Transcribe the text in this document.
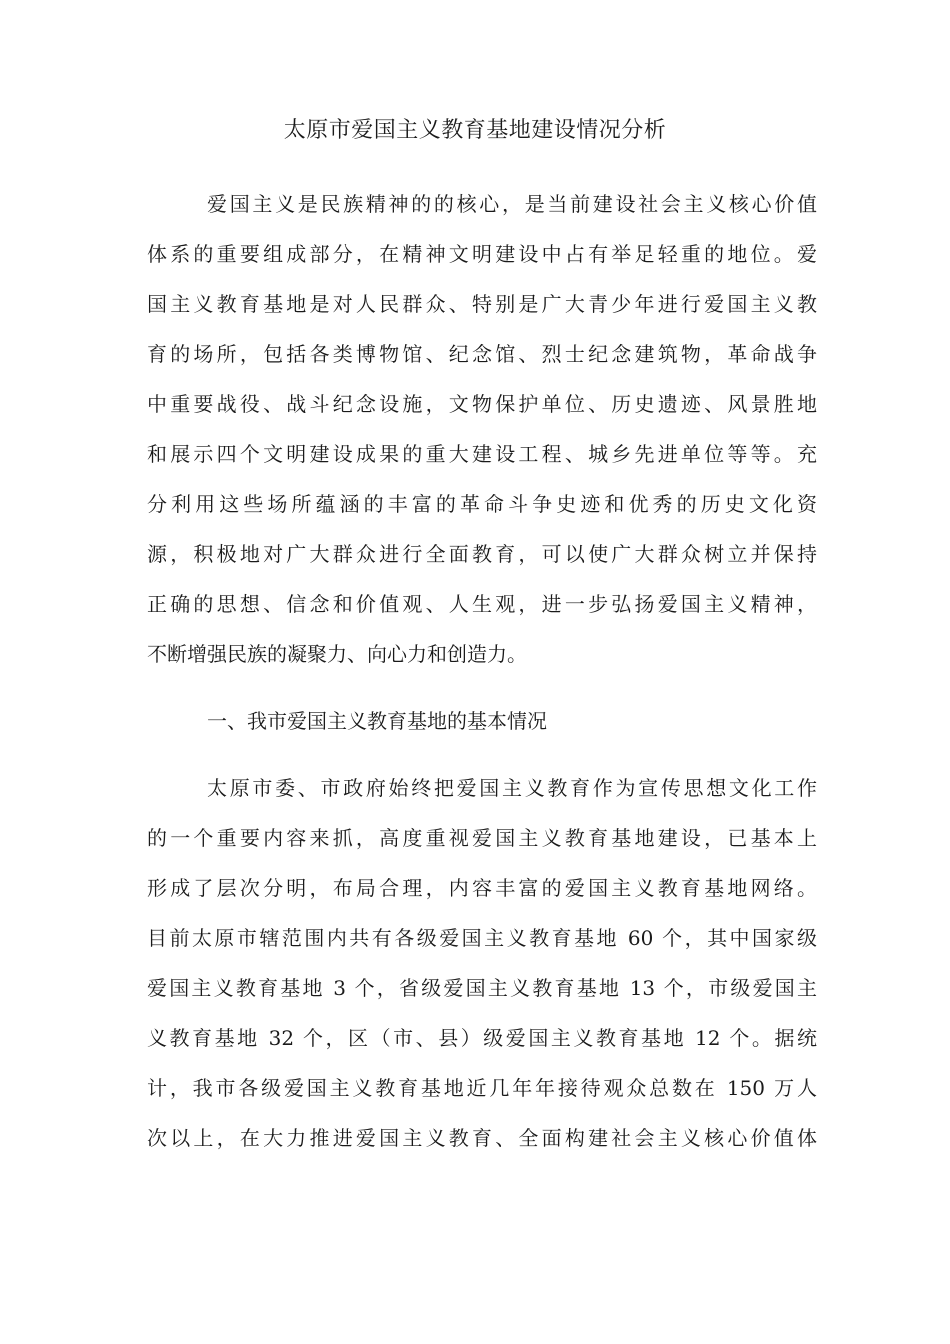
太原市爱国主义教育基地建设情况分析
爱国主义是民族精神的的核心，是当前建设社会主义核心价值
体系的重要组成部分，在精神文明建设中占有举足轻重的地位。爱
国主义教育基地是对人民群众、特别是广大青少年进行爱国主义教
育的场所，包括各类博物馆、纪念馆、烈士纪念建筑物，革命战争
中重要战役、战斗纪念设施，文物保护单位、历史遗迹、风景胜地
和展示四个文明建设成果的重大建设工程、城乡先进单位等等。充
分利用这些场所蕴涵的丰富的革命斗争史迹和优秀的历史文化资
源，积极地对广大群众进行全面教育，可以使广大群众树立并保持
正确的思想、信念和价值观、人生观，进一步弘扬爱国主义精神，
不断增强民族的凝聚力、向心力和创造力。
一、我市爱国主义教育基地的基本情况
太原市委、市政府始终把爱国主义教育作为宣传思想文化工作
的一个重要内容来抓，高度重视爱国主义教育基地建设，已基本上
形成了层次分明，布局合理，内容丰富的爱国主义教育基地网络。
目前太原市辖范围内共有各级爱国主义教育基地 60 个，其中国家级
爱国主义教育基地 3 个，省级爱国主义教育基地 13 个，市级爱国主
义教育基地 32 个，区（市、县）级爱国主义教育基地 12 个。据统
计，我市各级爱国主义教育基地近几年年接待观众总数在 150 万人
次以上，在大力推进爱国主义教育、全面构建社会主义核心价值体
